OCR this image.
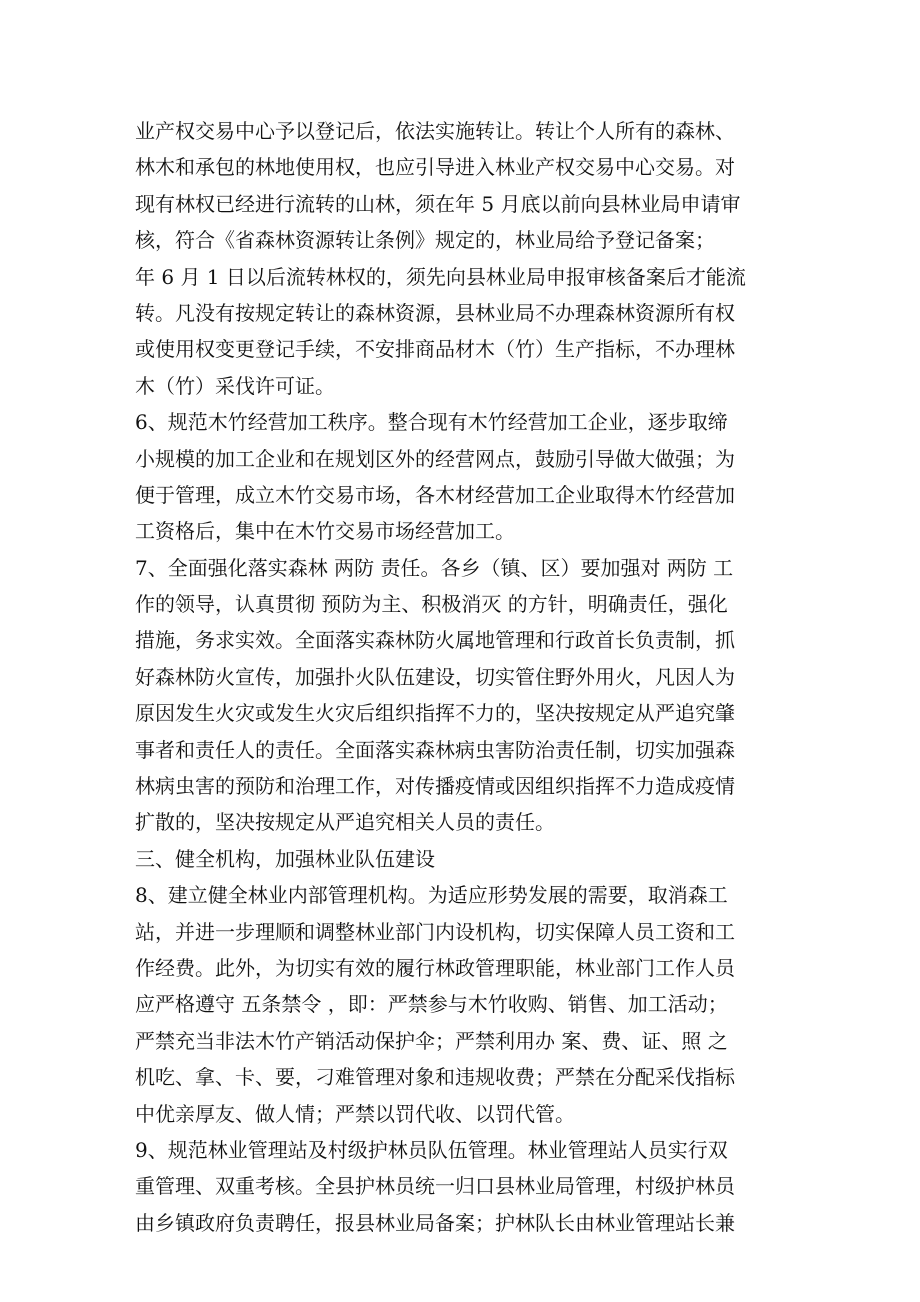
业产权交易中心予以登记后，依法实施转让。转让个人所有的森林、
林木和承包的林地使用权，也应引导进入林业产权交易中心交易。对
现有林权已经进行流转的山林，须在年 5 月底以前向县林业局申请审
核，符合《省森林资源转让条例》规定的，林业局给予登记备案；
年 6 月 1 日以后流转林权的，须先向县林业局申报审核备案后才能流
转。凡没有按规定转让的森林资源，县林业局不办理森林资源所有权
或使用权变更登记手续，不安排商品材木（竹）生产指标，不办理林
木（竹）采伐许可证。
6、规范木竹经营加工秩序。整合现有木竹经营加工企业，逐步取缔
小规模的加工企业和在规划区外的经营网点，鼓励引导做大做强；为
便于管理，成立木竹交易市场，各木材经营加工企业取得木竹经营加
工资格后，集中在木竹交易市场经营加工。
7、全面强化落实森林 两防 责任。各乡（镇、区）要加强对 两防 工
作的领导，认真贯彻 预防为主、积极消灭 的方针，明确责任，强化
措施，务求实效。全面落实森林防火属地管理和行政首长负责制，抓
好森林防火宣传，加强扑火队伍建设，切实管住野外用火，凡因人为
原因发生火灾或发生火灾后组织指挥不力的，坚决按规定从严追究肇
事者和责任人的责任。全面落实森林病虫害防治责任制，切实加强森
林病虫害的预防和治理工作，对传播疫情或因组织指挥不力造成疫情
扩散的，坚决按规定从严追究相关人员的责任。
三、健全机构，加强林业队伍建设
8、建立健全林业内部管理机构。为适应形势发展的需要，取消森工
站，并进一步理顺和调整林业部门内设机构，切实保障人员工资和工
作经费。此外，为切实有效的履行林政管理职能，林业部门工作人员
应严格遵守 五条禁令 ，即：严禁参与木竹收购、销售、加工活动；
严禁充当非法木竹产销活动保护伞；严禁利用办 案、费、证、照 之
机吃、拿、卡、要，刁难管理对象和违规收费；严禁在分配采伐指标
中优亲厚友、做人情；严禁以罚代收、以罚代管。
9、规范林业管理站及村级护林员队伍管理。林业管理站人员实行双
重管理、双重考核。全县护林员统一归口县林业局管理，村级护林员
由乡镇政府负责聘任，报县林业局备案；护林队长由林业管理站长兼
